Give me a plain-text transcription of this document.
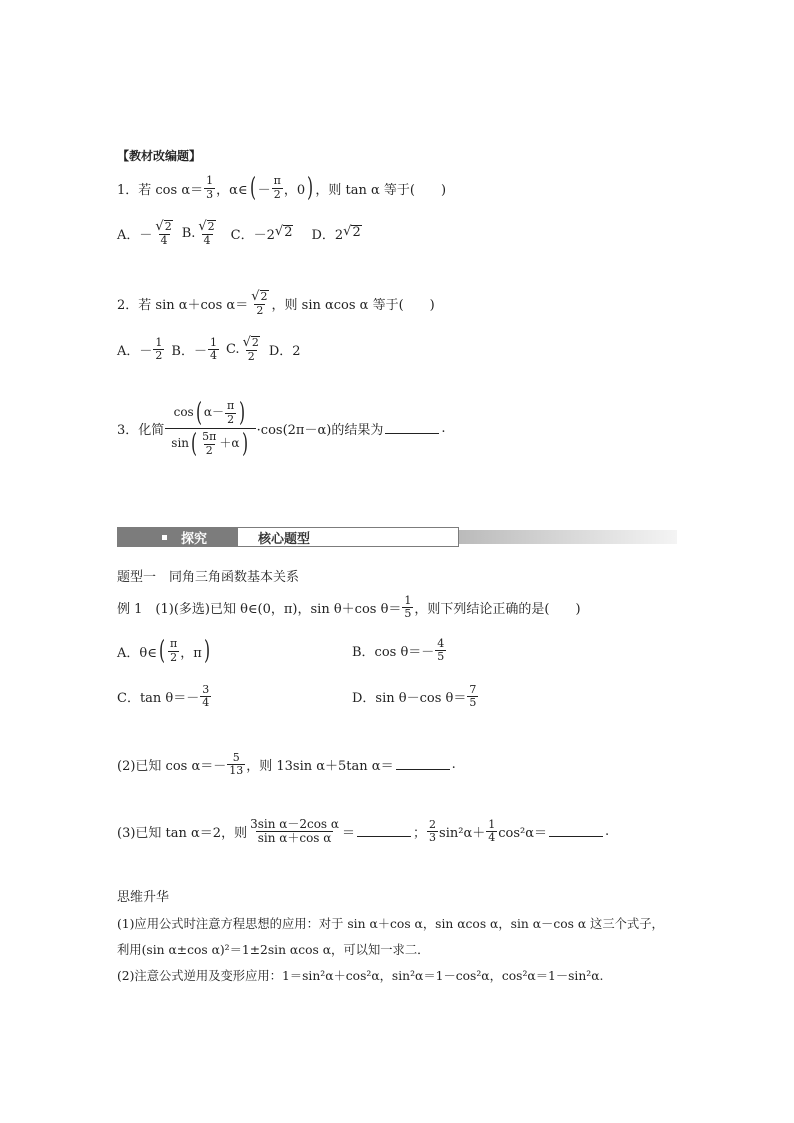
【教材改编题】
1．若 $\cos \alpha= \frac{1}{3}$ ，α∈ ( － $\frac{\pi}{2}$ ，0 ) ，则 tan α 等于(　　)
A．－ $\frac{√ 2}{4} B$. $\frac{√ 2}{4}$ C．－2 √ 2 D．2 √ 2
2．若 sin α＋cos $\alpha= \frac{√ 2}{2}$ ，则 sin αcos α 等于(　　)
A．－ $\frac{1}{2}$ B．－ $\frac{1}{4} C$. $\frac{√ 2}{2}$ D．2
3．化简 $\frac{\cos ( \alpha- \frac{\pi}{2} )}{\sin ( \frac{5\pi}{2} +\alpha )} \cdot\cos(2\pi-\alpha)$的结果为	.
探究	核心题型
题型一　同角三角函数基本关系
例 1　(1)(多选)已知 θ∈(0，π)，sin θ＋cos $\theta= \frac{1}{5}$ ，则下列结论正确的是(　　)
A．θ∈ ( $\frac{\pi}{2}$ ，π )	B．$\cos \theta=- \frac{4}{5}$
C．$\tan \theta=- \frac{3}{4}$	D．sin θ－cos $\theta= \frac{7}{5}$
(2)已知 $\cos \alpha=- \frac{5}{13}$ ，则 13sin α＋5tan α＝	.
(3)已知 tan α＝2，则 $\frac{\text{3sin α－2cos α}}{\text{sin α＋cos α}}$ ＝	； $\frac{2}{3} \sin^2\alpha+ \frac{1}{4} \cos^2\alpha=$	.
思维升华
(1)应用公式时注意方程思想的应用：对于 sin α＋cos α，sin αcos α，sin α－cos α 这三个式子，
利用(sin α±cos α)²＝1±2sin αcos α，可以知一求二．
(2)注意公式逆用及变形应用：1＝sin²α＋cos²α，sin²α＝1－cos²α，cos²α＝1－sin²α.
